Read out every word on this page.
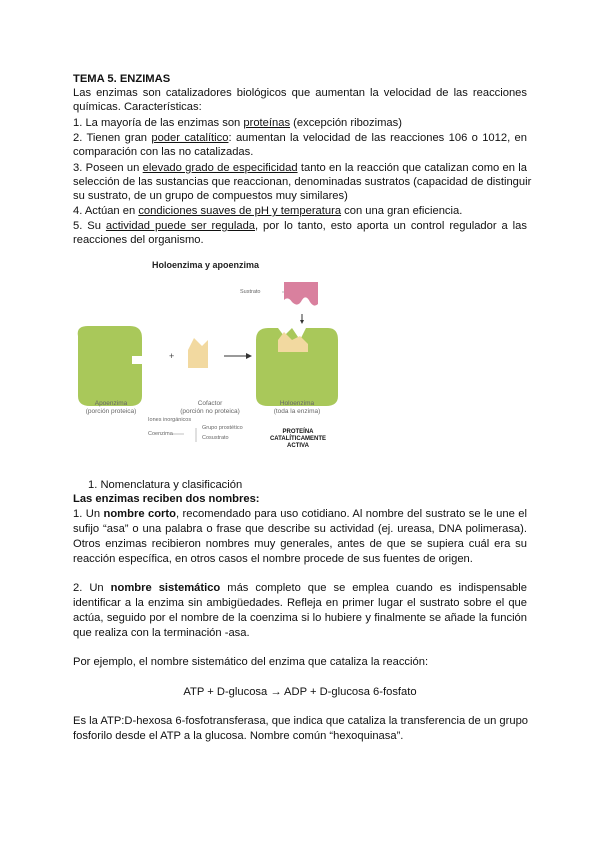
TEMA 5. ENZIMAS
Las enzimas son catalizadores biológicos que aumentan la velocidad de las reacciones
químicas. Características:
1. La mayoría de las enzimas son proteínas (excepción ribozimas)
2. Tienen gran poder catalítico: aumentan la velocidad de las reacciones 106 o 1012, en
comparación con las no catalizadas.
3. Poseen un elevado grado de especificidad tanto en la reacción que catalizan como en la
selección de las sustancias que reaccionan, denominadas sustratos (capacidad de distinguir
su sustrato, de un grupo de compuestos muy similares)
4. Actúan en condiciones suaves de pH y temperatura con una gran eficiencia.
5. Su actividad puede ser regulada, por lo tanto, esto aporta un control regulador a las
reacciones del organismo.
Holoenzima y apoenzima
+
Sustrato
Apoenzima
(porción proteica)
Cofactor
(porción no proteica)
Holoenzima
(toda la enzima)
Iones inorgánicos
Coenzima
Grupo prostético
Cosustrato
PROTEÍNA
CATALÍTICAMENTE
ACTIVA
1. Nomenclatura y clasificación
Las enzimas reciben dos nombres:
1. Un nombre corto, recomendado para uso cotidiano. Al nombre del sustrato se le une el
sufijo “asa” o una palabra o frase que describe su actividad (ej. ureasa, DNA polimerasa).
Otros enzimas recibieron nombres muy generales, antes de que se supiera cuál era su
reacción específica, en otros casos el nombre procede de sus fuentes de origen.
2. Un nombre sistemático más completo que se emplea cuando es indispensable
identificar a la enzima sin ambigüedades. Refleja en primer lugar el sustrato sobre el que
actúa, seguido por el nombre de la coenzima si lo hubiere y finalmente se añade la función
que realiza con la terminación -asa.
Por ejemplo, el nombre sistemático del enzima que cataliza la reacción:
ATP + D-glucosa → ADP + D-glucosa 6-fosfato
Es la ATP:D-hexosa 6-fosfotransferasa, que indica que cataliza la transferencia de un grupo
fosforilo desde el ATP a la glucosa. Nombre común “hexoquinasa”.
